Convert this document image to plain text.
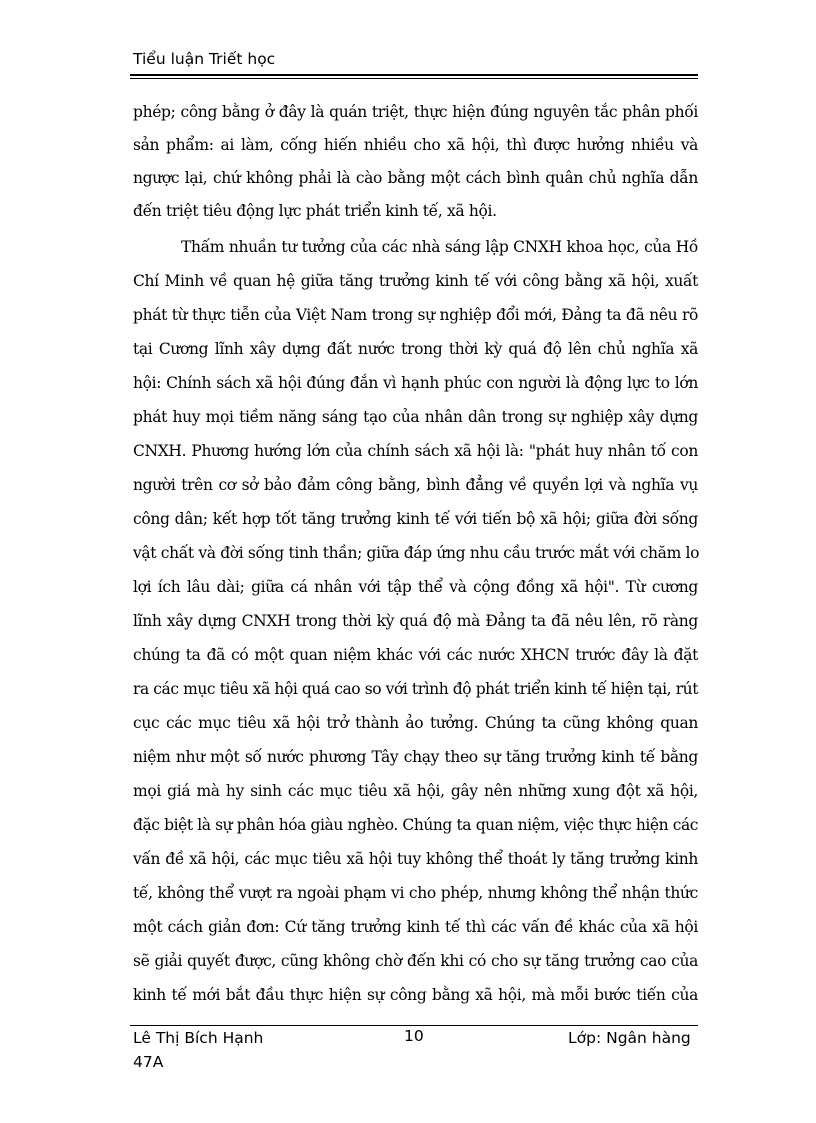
Tiểu luận Triết học
phép; công bằng ở đây là quán triệt, thực hiện đúng nguyên tắc phân phối
sản phẩm: ai làm, cống hiến nhiều cho xã hội, thì được hưởng nhiều và
ngược lại, chứ không phải là cào bằng một cách bình quân chủ nghĩa dẫn
đến triệt tiêu động lực phát triển kinh tế, xã hội.
Thấm nhuần tư tưởng của các nhà sáng lập CNXH khoa học, của Hồ
Chí Minh về quan hệ giữa tăng trưởng kinh tế với công bằng xã hội, xuất
phát từ thực tiễn của Việt Nam trong sự nghiệp đổi mới, Đảng ta đã nêu rõ
tại Cương lĩnh xây dựng đất nước trong thời kỳ quá độ lên chủ nghĩa xã
hội: Chính sách xã hội đúng đắn vì hạnh phúc con người là động lực to lớn
phát huy mọi tiềm năng sáng tạo của nhân dân trong sự nghiệp xây dựng
CNXH. Phương hướng lớn của chính sách xã hội là: "phát huy nhân tố con
người trên cơ sở bảo đảm công bằng, bình đẳng về quyền lợi và nghĩa vụ
công dân; kết hợp tốt tăng trưởng kinh tế với tiến bộ xã hội; giữa đời sống
vật chất và đời sống tinh thần; giữa đáp ứng nhu cầu trước mắt với chăm lo
lợi ích lâu dài; giữa cá nhân với tập thể và cộng đồng xã hội". Từ cương
lĩnh xây dựng CNXH trong thời kỳ quá độ mà Đảng ta đã nêu lên, rõ ràng
chúng ta đã có một quan niệm khác với các nước XHCN trước đây là đặt
ra các mục tiêu xã hội quá cao so với trình độ phát triển kinh tế hiện tại, rút
cục các mục tiêu xã hội trở thành ảo tưởng. Chúng ta cũng không quan
niệm như một số nước phương Tây chạy theo sự tăng trưởng kinh tế bằng
mọi giá mà hy sinh các mục tiêu xã hội, gây nên những xung đột xã hội,
đặc biệt là sự phân hóa giàu nghèo. Chúng ta quan niệm, việc thực hiện các
vấn đề xã hội, các mục tiêu xã hội tuy không thể thoát ly tăng trưởng kinh
tế, không thể vượt ra ngoài phạm vi cho phép, nhưng không thể nhận thức
một cách giản đơn: Cứ tăng trưởng kinh tế thì các vấn đề khác của xã hội
sẽ giải quyết được, cũng không chờ đến khi có cho sự tăng trưởng cao của
kinh tế mới bắt đầu thực hiện sự công bằng xã hội, mà mỗi bước tiến của
Lê Thị Bích Hạnh
47A
10	Lớp: Ngân hàng
